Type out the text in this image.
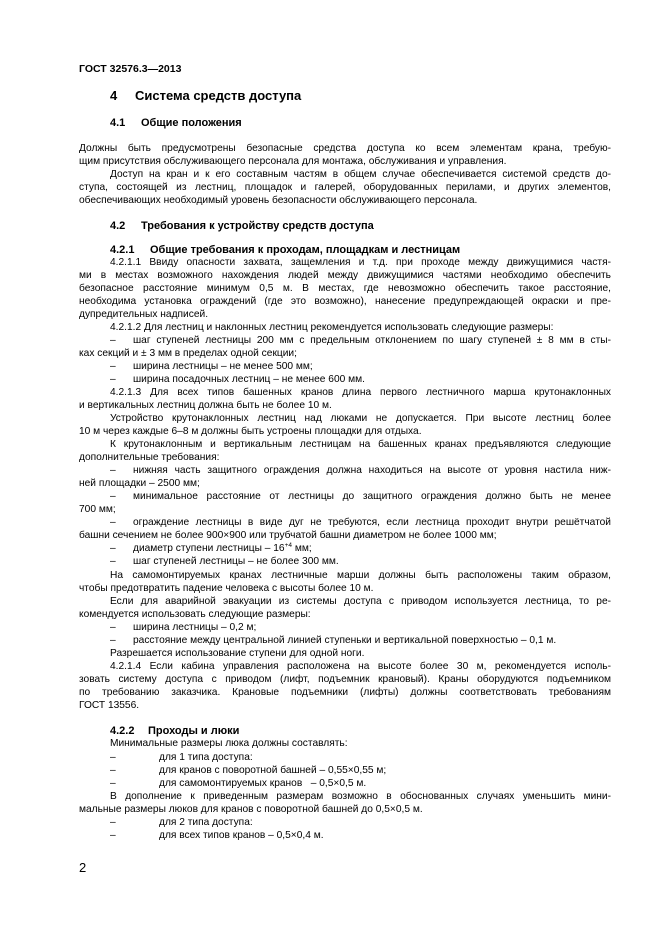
ГОСТ 32576.3—2013
4 Система средств доступа
4.1 Общие положения
Должны быть предусмотрены безопасные средства доступа ко всем элементам крана, требую-
щим присутствия обслуживающего персонала для монтажа, обслуживания и управления.
Доступ на кран и к его составным частям в общем случае обеспечивается системой средств до-
ступа, состоящей из лестниц, площадок и галерей, оборудованных перилами, и других элементов,
обеспечивающих необходимый уровень безопасности обслуживающего персонала.
4.2 Требования к устройству средств доступа
4.2.1 Общие требования к проходам, площадкам и лестницам
4.2.1.1 Ввиду опасности захвата, защемления и т.д. при проходе между движущимися частя-
ми в местах возможного нахождения людей между движущимися частями необходимо обеспечить
безопасное расстояние минимум 0,5 м. В местах, где невозможно обеспечить такое расстояние,
необходима установка ограждений (где это возможно), нанесение предупреждающей окраски и пре-
дупредительных надписей.
4.2.1.2 Для лестниц и наклонных лестниц рекомендуется использовать следующие размеры:
– шаг ступеней лестницы 200 мм с предельным отклонением по шагу ступеней ± 8 мм в сты-
ках секций и ± 3 мм в пределах одной секции;
– ширина лестницы – не менее 500 мм;
– ширина посадочных лестниц – не менее 600 мм.
4.2.1.3 Для всех типов башенных кранов длина первого лестничного марша крутонаклонных
и вертикальных лестниц должна быть не более 10 м.
Устройство крутонаклонных лестниц над люками не допускается. При высоте лестниц более
10 м через каждые 6–8 м должны быть устроены площадки для отдыха.
К крутонаклонным и вертикальным лестницам на башенных кранах предъявляются следующие
дополнительные требования:
– нижняя часть защитного ограждения должна находиться на высоте от уровня настила ниж-
ней площадки – 2500 мм;
– минимальное расстояние от лестницы до защитного ограждения должно быть не менее
700 мм;
– ограждение лестницы в виде дуг не требуются, если лестница проходит внутри решётчатой
башни сечением не более 900×900 или трубчатой башни диаметром не более 1000 мм;
– диаметр ступени лестницы – $16^{+4}$ мм;
– шаг ступеней лестницы – не более 300 мм.
На самомонтируемых кранах лестничные марши должны быть расположены таким образом,
чтобы предотвратить падение человека с высоты более 10 м.
Если для аварийной эвакуации из системы доступа с приводом используется лестница, то ре-
комендуется использовать следующие размеры:
– ширина лестницы – 0,2 м;
– расстояние между центральной линией ступеньки и вертикальной поверхностью – 0,1 м.
Разрешается использование ступени для одной ноги.
4.2.1.4 Если кабина управления расположена на высоте более 30 м, рекомендуется исполь-
зовать систему доступа с приводом (лифт, подъемник крановый). Краны оборудуются подъемником
по требованию заказчика. Крановые подъемники (лифты) должны соответствовать требованиям
ГОСТ 13556.
4.2.2 Проходы и люки
Минимальные размеры люка должны составлять:
–	для 1 типа доступа:
–	для кранов с поворотной башней – 0,55×0,55 м;
–	для самомонтируемых кранов   – 0,5×0,5 м.
В дополнение к приведенным размерам возможно в обоснованных случаях уменьшить мини-
мальные размеры люков для кранов с поворотной башней до 0,5×0,5 м.
–	для 2 типа доступа:
–	для всех типов кранов – 0,5×0,4 м.
2
